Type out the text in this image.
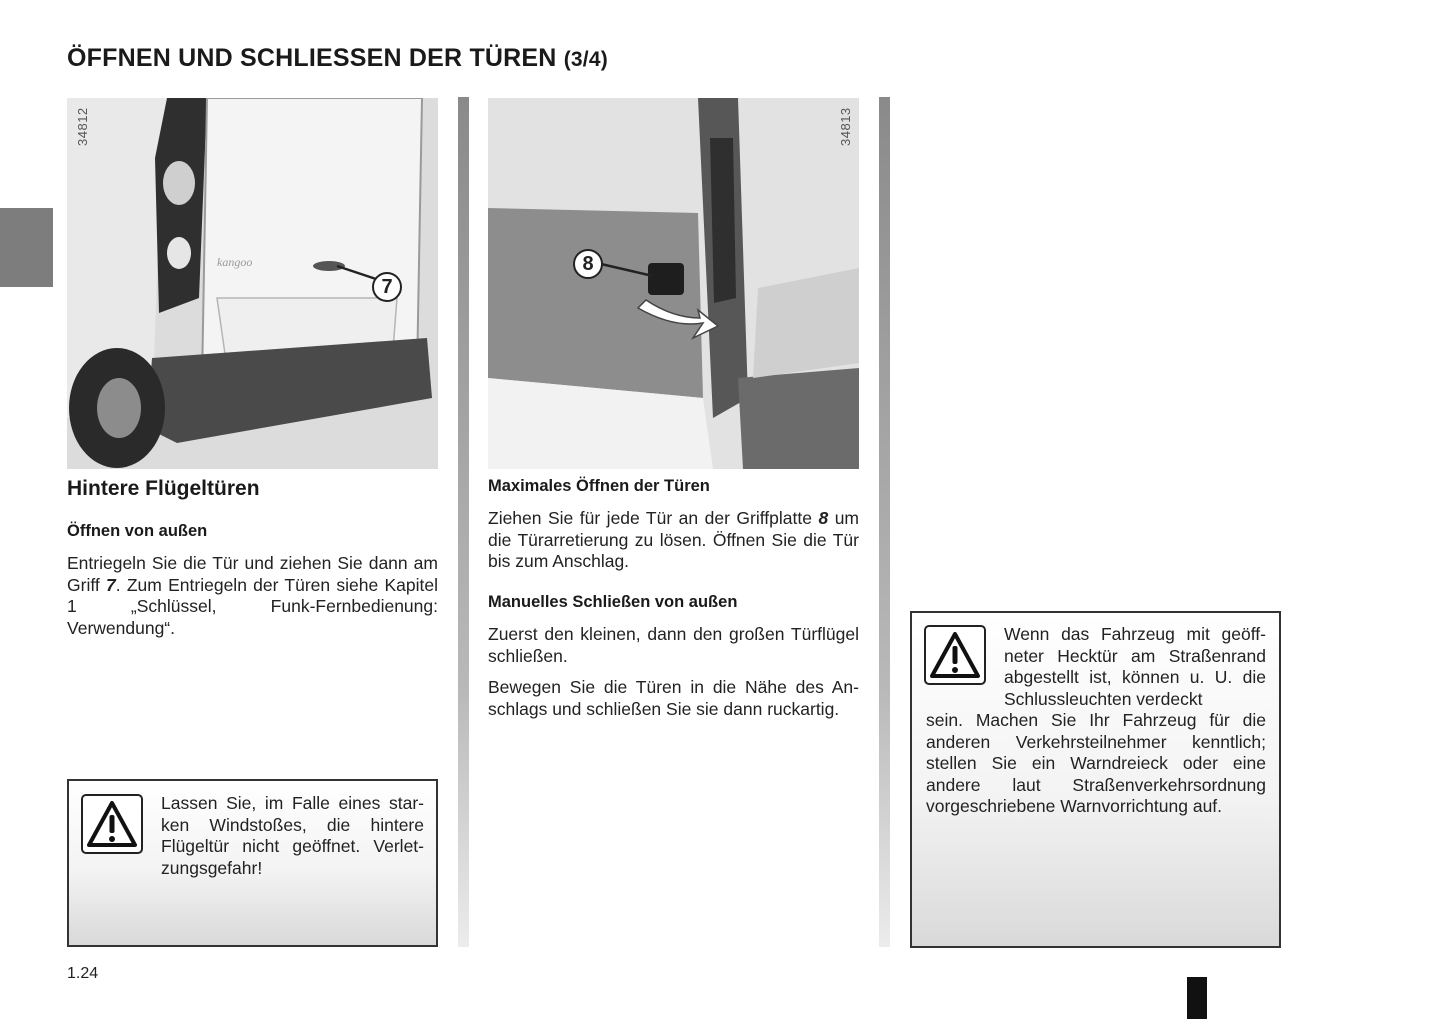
ÖFFNEN UND SCHLIESSEN DER TÜREN (3/4)
kangoo
34812
7
34813
8
Hintere Flügeltüren
Öffnen von außen
Entriegeln Sie die Tür und ziehen Sie dann am Griff 7. Zum Entriegeln der Türen siehe Kapitel 1 „Schlüssel, Funk-Fernbedienung: Verwendung“.
Lassen Sie, im Falle eines starken Windstoßes, die hintere Flügeltür nicht geöffnet. Verletzungsgefahr!
Maximales Öffnen der Türen
Ziehen Sie für jede Tür an der Griffplatte 8 um die Türarretierung zu lösen. Öffnen Sie die Tür bis zum Anschlag.
Manuelles Schließen von außen
Zuerst den kleinen, dann den großen Türflügel schließen.
Bewegen Sie die Türen in die Nähe des Anschlags und schließen Sie sie dann ruckartig.
Wenn das Fahrzeug mit geöffneter Hecktür am Straßenrand abgestellt ist, können u. U. die Schlussleuchten verdeckt
sein. Machen Sie Ihr Fahrzeug für die anderen Verkehrsteilnehmer kenntlich; stellen Sie ein Warndreieck oder eine andere laut Straßenverkehrsordnung vorgeschriebene Warnvorrichtung auf.
1.24
